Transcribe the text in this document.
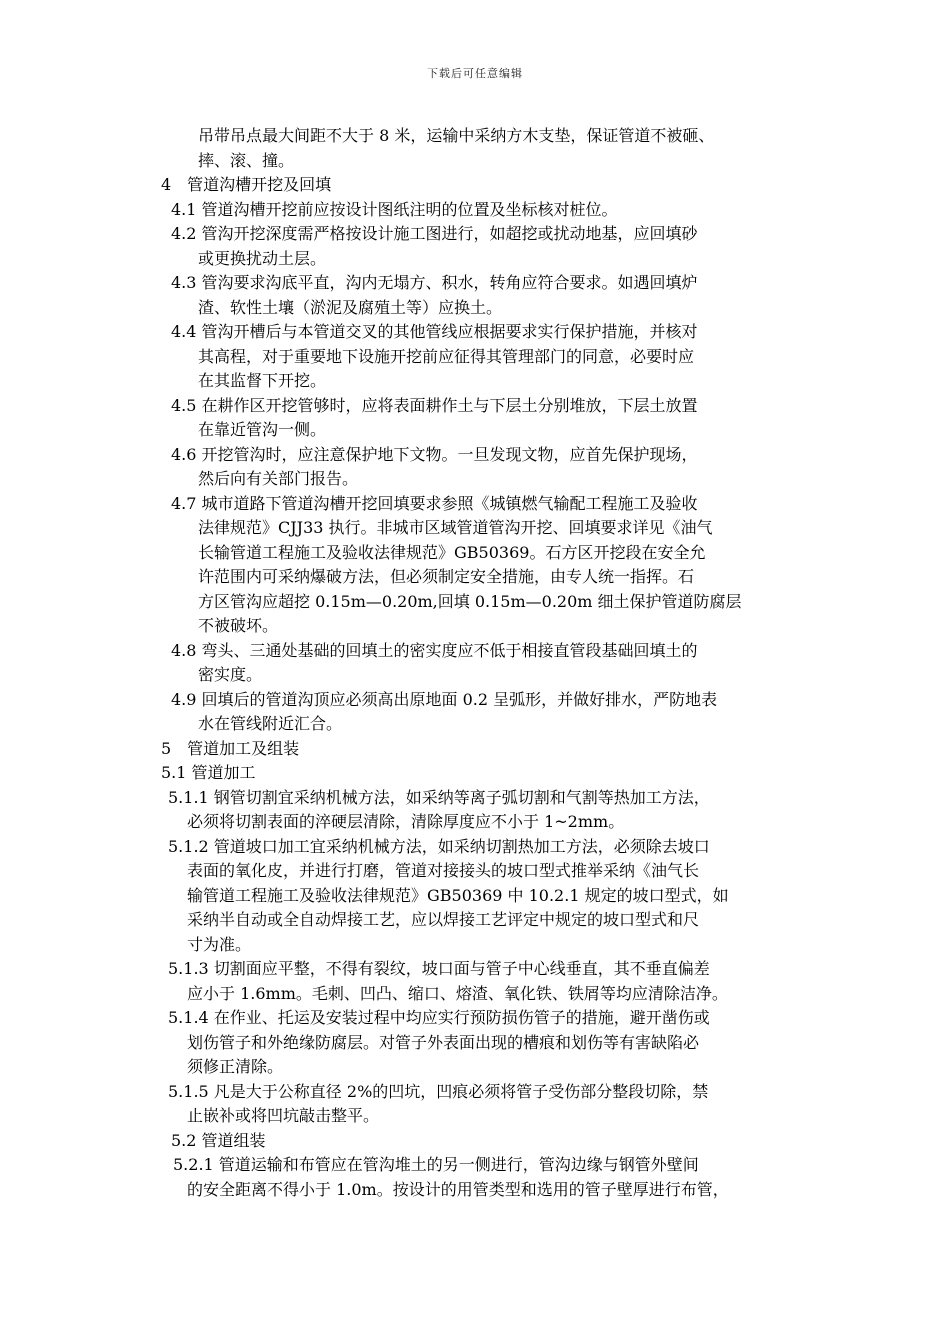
下载后可任意编辑
吊带吊点最大间距不大于 8 米，运输中采纳方木支垫，保证管道不被砸、
摔、滚、撞。
4　管道沟槽开挖及回填
4.1 管道沟槽开挖前应按设计图纸注明的位置及坐标核对桩位。
4.2 管沟开挖深度需严格按设计施工图进行，如超挖或扰动地基，应回填砂
或更换扰动土层。
4.3 管沟要求沟底平直，沟内无塌方、积水，转角应符合要求。如遇回填炉
渣、软性土壤（淤泥及腐殖土等）应换土。
4.4 管沟开槽后与本管道交叉的其他管线应根据要求实行保护措施，并核对
其高程，对于重要地下设施开挖前应征得其管理部门的同意，必要时应
在其监督下开挖。
4.5 在耕作区开挖管够时，应将表面耕作土与下层土分别堆放，下层土放置
在靠近管沟一侧。
4.6 开挖管沟时，应注意保护地下文物。一旦发现文物，应首先保护现场，
然后向有关部门报告。
4.7 城市道路下管道沟槽开挖回填要求参照《城镇燃气输配工程施工及验收
法律规范》CJJ33 执行。非城市区域管道管沟开挖、回填要求详见《油气
长输管道工程施工及验收法律规范》GB50369。石方区开挖段在安全允
许范围内可采纳爆破方法，但必须制定安全措施，由专人统一指挥。石
方区管沟应超挖 0.15m—0.20m,回填 0.15m—0.20m 细土保护管道防腐层
不被破坏。
4.8 弯头、三通处基础的回填土的密实度应不低于相接直管段基础回填土的
密实度。
4.9 回填后的管道沟顶应必须高出原地面 0.2 呈弧形，并做好排水，严防地表
水在管线附近汇合。
5　管道加工及组装
5.1 管道加工
5.1.1 钢管切割宜采纳机械方法，如采纳等离子弧切割和气割等热加工方法，
必须将切割表面的淬硬层清除，清除厚度应不小于 1~2mm。
5.1.2 管道坡口加工宜采纳机械方法，如采纳切割热加工方法，必须除去坡口
表面的氧化皮，并进行打磨，管道对接接头的坡口型式推举采纳《油气长
输管道工程施工及验收法律规范》GB50369 中 10.2.1 规定的坡口型式，如
采纳半自动或全自动焊接工艺，应以焊接工艺评定中规定的坡口型式和尺
寸为准。
5.1.3 切割面应平整，不得有裂纹，坡口面与管子中心线垂直，其不垂直偏差
应小于 1.6mm。毛刺、凹凸、缩口、熔渣、氧化铁、铁屑等均应清除洁净。
5.1.4 在作业、托运及安装过程中均应实行预防损伤管子的措施，避开凿伤或
划伤管子和外绝缘防腐层。对管子外表面出现的槽痕和划伤等有害缺陷必
须修正清除。
5.1.5 凡是大于公称直径 2%的凹坑，凹痕必须将管子受伤部分整段切除，禁
止嵌补或将凹坑敲击整平。
5.2 管道组装
5.2.1 管道运输和布管应在管沟堆土的另一侧进行，管沟边缘与钢管外壁间
的安全距离不得小于 1.0m。按设计的用管类型和选用的管子壁厚进行布管，
